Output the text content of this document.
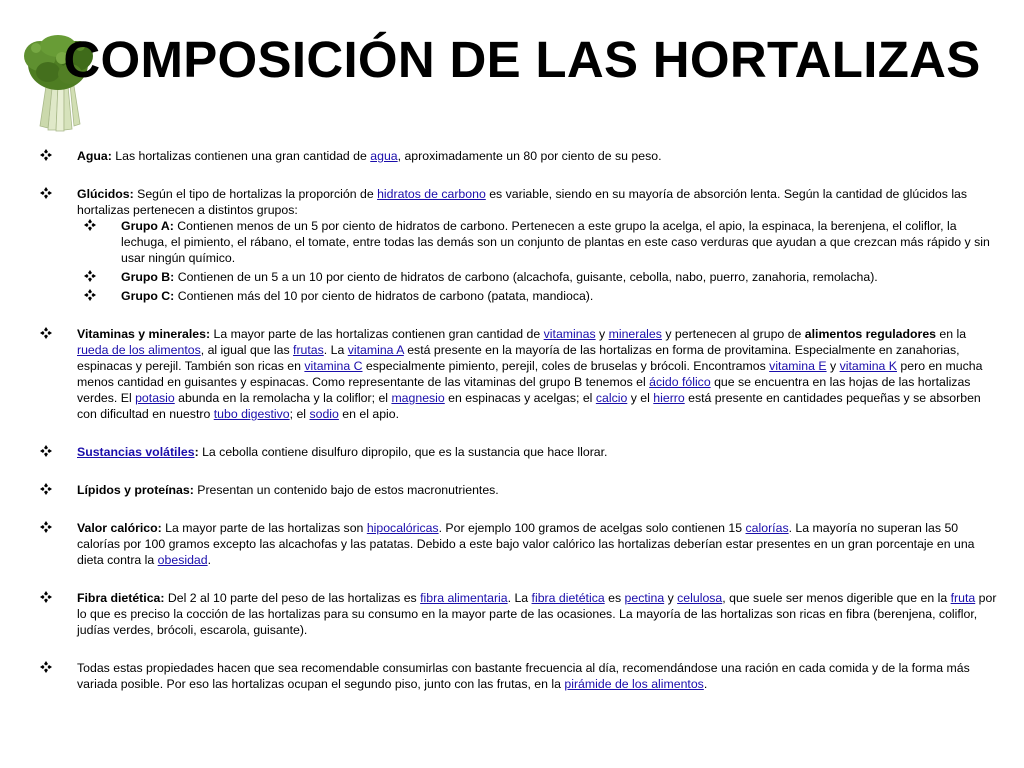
COMPOSICIÓN DE LAS HORTALIZAS
Agua: Las hortalizas contienen una gran cantidad de agua, aproximadamente un 80 por ciento de su peso.
Glúcidos: Según el tipo de hortalizas la proporción de hidratos de carbono es variable, siendo en su mayoría de absorción lenta. Según la cantidad de glúcidos las hortalizas pertenecen a distintos grupos:
Grupo A: Contienen menos de un 5 por ciento de hidratos de carbono. Pertenecen a este grupo la acelga, el apio, la espinaca, la berenjena, el coliflor, la lechuga, el pimiento, el rábano, el tomate, entre todas las demás son un conjunto de plantas en este caso verduras que ayudan a que crezcan más rápido y sin usar ningún químico.
Grupo B: Contienen de un 5 a un 10 por ciento de hidratos de carbono (alcachofa, guisante, cebolla, nabo, puerro, zanahoria, remolacha).
Grupo C: Contienen más del 10 por ciento de hidratos de carbono (patata, mandioca).
Vitaminas y minerales: La mayor parte de las hortalizas contienen gran cantidad de vitaminas y minerales y pertenecen al grupo de alimentos reguladores en la rueda de los alimentos, al igual que las frutas. La vitamina A está presente en la mayoría de las hortalizas en forma de provitamina. Especialmente en zanahorias, espinacas y perejil. También son ricas en vitamina C especialmente pimiento, perejil, coles de bruselas y brócoli. Encontramos vitamina E y vitamina K pero en mucha menos cantidad en guisantes y espinacas. Como representante de las vitaminas del grupo B tenemos el ácido fólico que se encuentra en las hojas de las hortalizas verdes. El potasio abunda en la remolacha y la coliflor; el magnesio en espinacas y acelgas; el calcio y el hierro está presente en cantidades pequeñas y se absorben con dificultad en nuestro tubo digestivo; el sodio en el apio.
Sustancias volátiles: La cebolla contiene disulfuro dipropilo, que es la sustancia que hace llorar.
Lípidos y proteínas: Presentan un contenido bajo de estos macronutrientes.
Valor calórico: La mayor parte de las hortalizas son hipocalóricas. Por ejemplo 100 gramos de acelgas solo contienen 15 calorías. La mayoría no superan las 50 calorías por 100 gramos excepto las alcachofas y las patatas. Debido a este bajo valor calórico las hortalizas deberían estar presentes en un gran porcentaje en una dieta contra la obesidad.
Fibra dietética: Del 2 al 10 parte del peso de las hortalizas es fibra alimentaria. La fibra dietética es pectina y celulosa, que suele ser menos digerible que en la fruta por lo que es preciso la cocción de las hortalizas para su consumo en la mayor parte de las ocasiones. La mayoría de las hortalizas son ricas en fibra (berenjena, coliflor, judías verdes, brócoli, escarola, guisante).
Todas estas propiedades hacen que sea recomendable consumirlas con bastante frecuencia al día, recomendándose una ración en cada comida y de la forma más variada posible. Por eso las hortalizas ocupan el segundo piso, junto con las frutas, en la pirámide de los alimentos.
